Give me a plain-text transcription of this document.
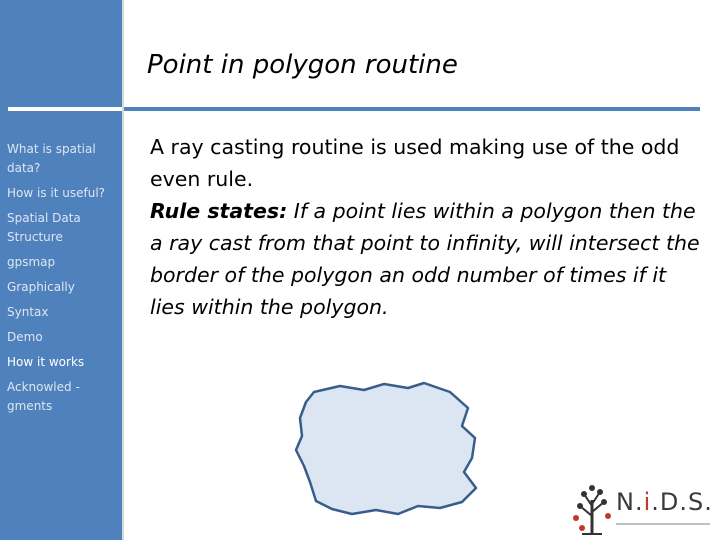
Point in polygon routine
What is spatial data?
How is it useful?
Spatial Data Structure
gpsmap
Graphically
Syntax
Demo
How it works
Acknowled - gments

A ray casting routine is used making use of the odd even rule.

Rule states: If a point lies within a polygon then the a ray cast from that point to infinity, will intersect the border of the polygon an odd number of times if it lies within the polygon.

N.i.D.S.
